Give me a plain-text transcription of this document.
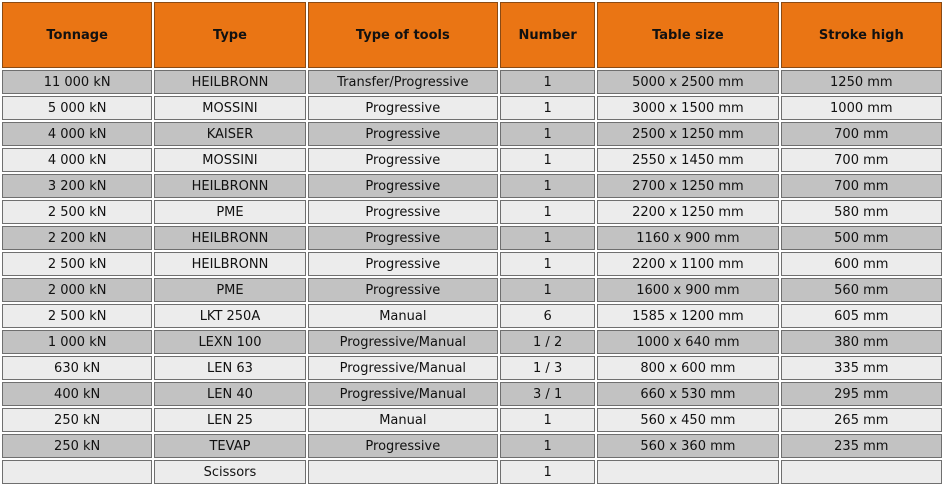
Tonnage	Type	Type of tools	Number	Table size	Stroke high
11 000 kN	HEILBRONN	Transfer/Progressive	1	5000 x 2500 mm	1250 mm
5 000 kN	MOSSINI	Progressive	1	3000 x 1500 mm	1000 mm
4 000 kN	KAISER	Progressive	1	2500 x 1250 mm	700 mm
4 000 kN	MOSSINI	Progressive	1	2550 x 1450 mm	700 mm
3 200 kN	HEILBRONN	Progressive	1	2700 x 1250 mm	700 mm
2 500 kN	PME	Progressive	1	2200 x 1250 mm	580 mm
2 200 kN	HEILBRONN	Progressive	1	1160 x 900 mm	500 mm
2 500 kN	HEILBRONN	Progressive	1	2200 x 1100 mm	600 mm
2 000 kN	PME	Progressive	1	1600 x 900 mm	560 mm
2 500 kN	LKT 250A	Manual	6	1585 x 1200 mm	605 mm
1 000 kN	LEXN 100	Progressive/Manual	1 / 2	1000 x 640 mm	380 mm
630 kN	LEN 63	Progressive/Manual	1 / 3	800 x 600 mm	335 mm
400 kN	LEN 40	Progressive/Manual	3 / 1	660 x 530 mm	295 mm
250 kN	LEN 25	Manual	1	560 x 450 mm	265 mm
250 kN	TEVAP	Progressive	1	560 x 360 mm	235 mm
	Scissors		1		
